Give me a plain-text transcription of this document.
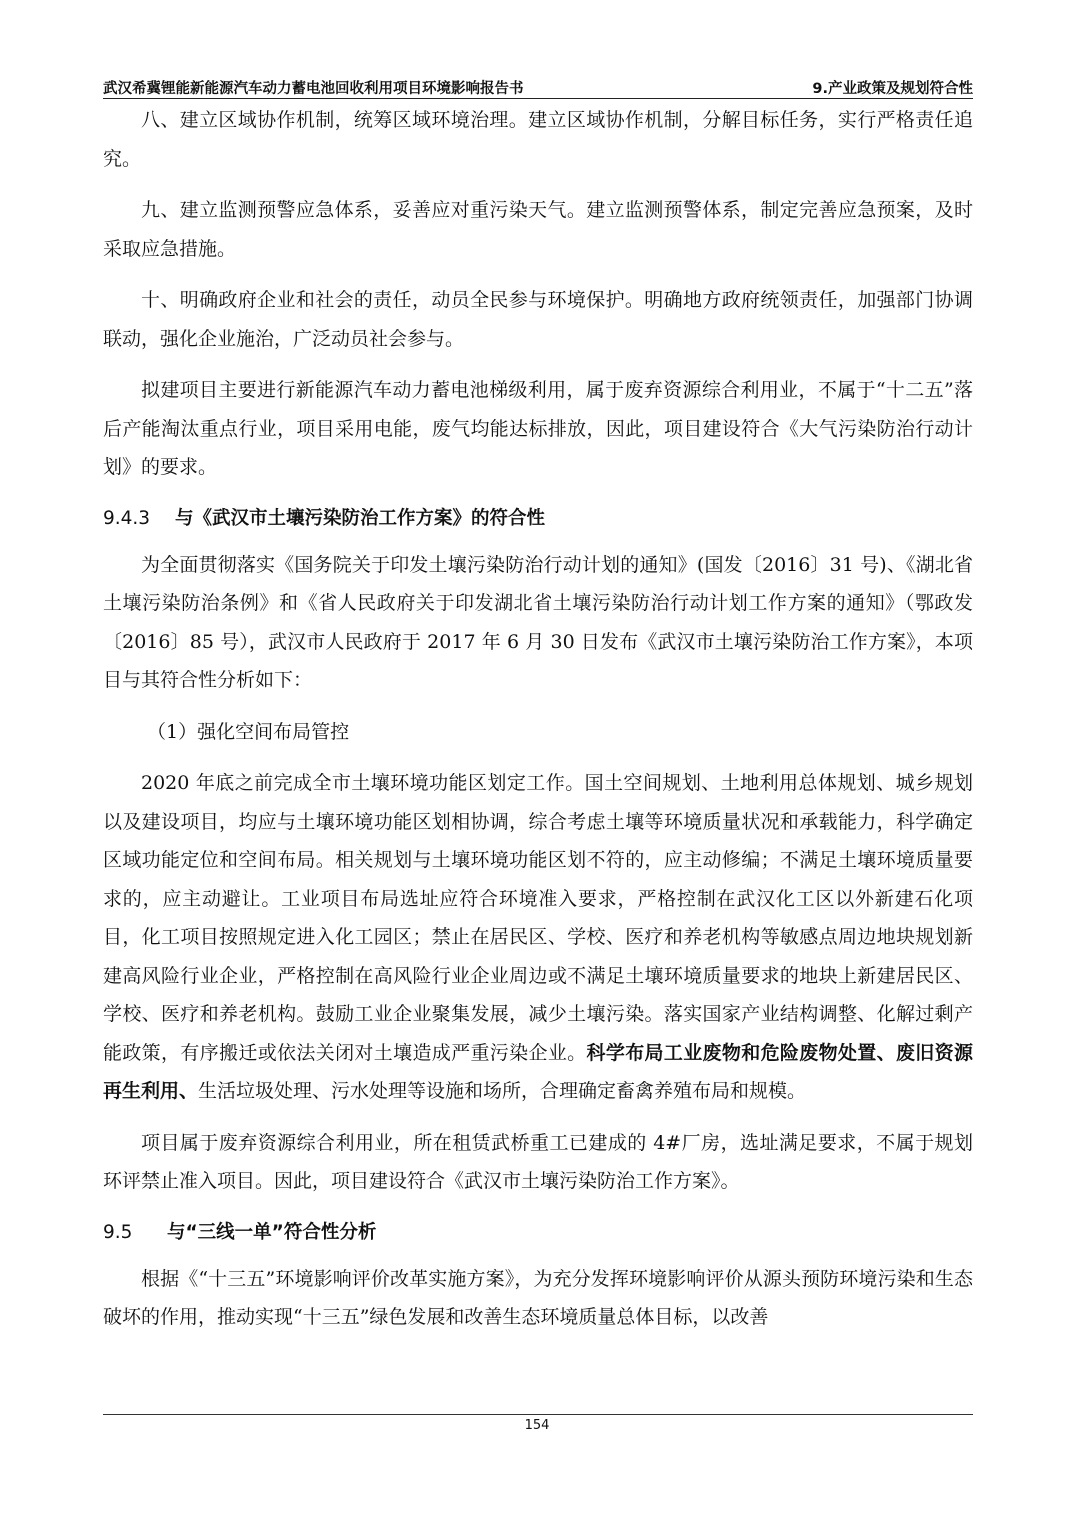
武汉希冀锂能新能源汽车动力蓄电池回收利用项目环境影响报告书	9.产业政策及规划符合性

八、建立区域协作机制，统筹区域环境治理。建立区域协作机制，分解目标任务，实行严格责任追究。

九、建立监测预警应急体系，妥善应对重污染天气。建立监测预警体系，制定完善应急预案，及时采取应急措施。

十、明确政府企业和社会的责任，动员全民参与环境保护。明确地方政府统领责任，加强部门协调联动，强化企业施治，广泛动员社会参与。

拟建项目主要进行新能源汽车动力蓄电池梯级利用，属于废弃资源综合利用业，不属于“十二五”落后产能淘汰重点行业，项目采用电能，废气均能达标排放，因此，项目建设符合《大气污染防治行动计划》的要求。

9.4.3 与《武汉市土壤污染防治工作方案》的符合性

为全面贯彻落实《国务院关于印发土壤污染防治行动计划的通知》(国发〔2016〕31 号)、《湖北省土壤污染防治条例》和《省人民政府关于印发湖北省土壤污染防治行动计划工作方案的通知》（鄂政发〔2016〕85 号），武汉市人民政府于 2017 年 6 月 30 日发布《武汉市土壤污染防治工作方案》，本项目与其符合性分析如下：

（1）强化空间布局管控

2020 年底之前完成全市土壤环境功能区划定工作。国土空间规划、土地利用总体规划、城乡规划以及建设项目，均应与土壤环境功能区划相协调，综合考虑土壤等环境质量状况和承载能力，科学确定区域功能定位和空间布局。相关规划与土壤环境功能区划不符的，应主动修编；不满足土壤环境质量要求的，应主动避让。工业项目布局选址应符合环境准入要求，严格控制在武汉化工区以外新建石化项目，化工项目按照规定进入化工园区；禁止在居民区、学校、医疗和养老机构等敏感点周边地块规划新建高风险行业企业，严格控制在高风险行业企业周边或不满足土壤环境质量要求的地块上新建居民区、学校、医疗和养老机构。鼓励工业企业聚集发展，减少土壤污染。落实国家产业结构调整、化解过剩产能政策，有序搬迁或依法关闭对土壤造成严重污染企业。科学布局工业废物和危险废物处置、废旧资源再生利用、生活垃圾处理、污水处理等设施和场所，合理确定畜禽养殖布局和规模。

项目属于废弃资源综合利用业，所在租赁武桥重工已建成的 4#厂房，选址满足要求，不属于规划环评禁止准入项目。因此，项目建设符合《武汉市土壤污染防治工作方案》。

9.5 与“三线一单”符合性分析

根据《“十三五”环境影响评价改革实施方案》，为充分发挥环境影响评价从源头预防环境污染和生态破坏的作用，推动实现“十三五”绿色发展和改善生态环境质量总体目标，以改善

154
